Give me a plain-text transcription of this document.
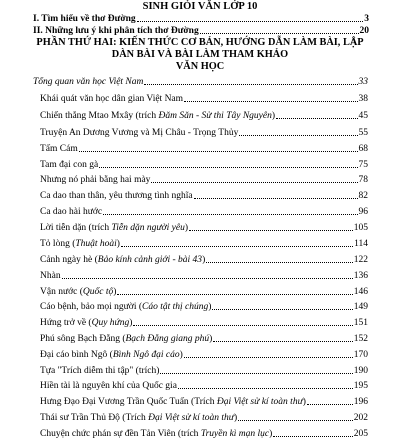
SINH GIỎI VĂN LỚP 10
I. Tìm hiểu về thơ Đường	3
II. Những lưu ý khi phân tích thơ Đường	20
PHẦN THỨ HAI: KIẾN THỨC CƠ BẢN, HƯỚNG DẪN LÀM BÀI, LẬP
DÀN BÀI VÀ BÀI LÀM THAM KHẢO
VĂN HỌC
Tổng quan văn học Việt Nam	33
Khái quát văn học dân gian Việt Nam	38
Chiến thắng Mtao Mxây (trích Đăm Săn - Sử thi Tây Nguyên)	45
Truyện An Dương Vương và Mị Châu - Trọng Thủy	55
Tấm Cám	68
Tam đại con gà	75
Nhưng nó phải bằng hai mày	78
Ca dao than thân, yêu thương tình nghĩa	82
Ca dao hài hước	96
Lời tiễn dặn (trích Tiễn dặn người yêu)	105
Tỏ lòng (Thuật hoài)	114
Cảnh ngày hè (Bảo kính cảnh giới - bài 43)	122
Nhàn	136
Vận nước (Quốc tộ)	146
Cáo bệnh, bảo mọi người (Cáo tật thị chúng)	149
Hứng trở về (Quy hứng)	151
Phú sông Bạch Đằng (Bạch Đằng giang phú)	152
Đại cáo bình Ngô (Bình Ngô đại cáo)	170
Tựa "Trích diễm thi tập" (trích)	190
Hiền tài là nguyên khí của Quốc gia	195
Hưng Đạo Đại Vương Trần Quốc Tuấn (Trích Đại Việt sử kí toàn thư)	196
Thái sư Trần Thủ Độ (Trích Đại Việt sử kí toàn thư)	202
Chuyện chức phán sự đền Tản Viên (trích Truyền kì mạn lục)	205
